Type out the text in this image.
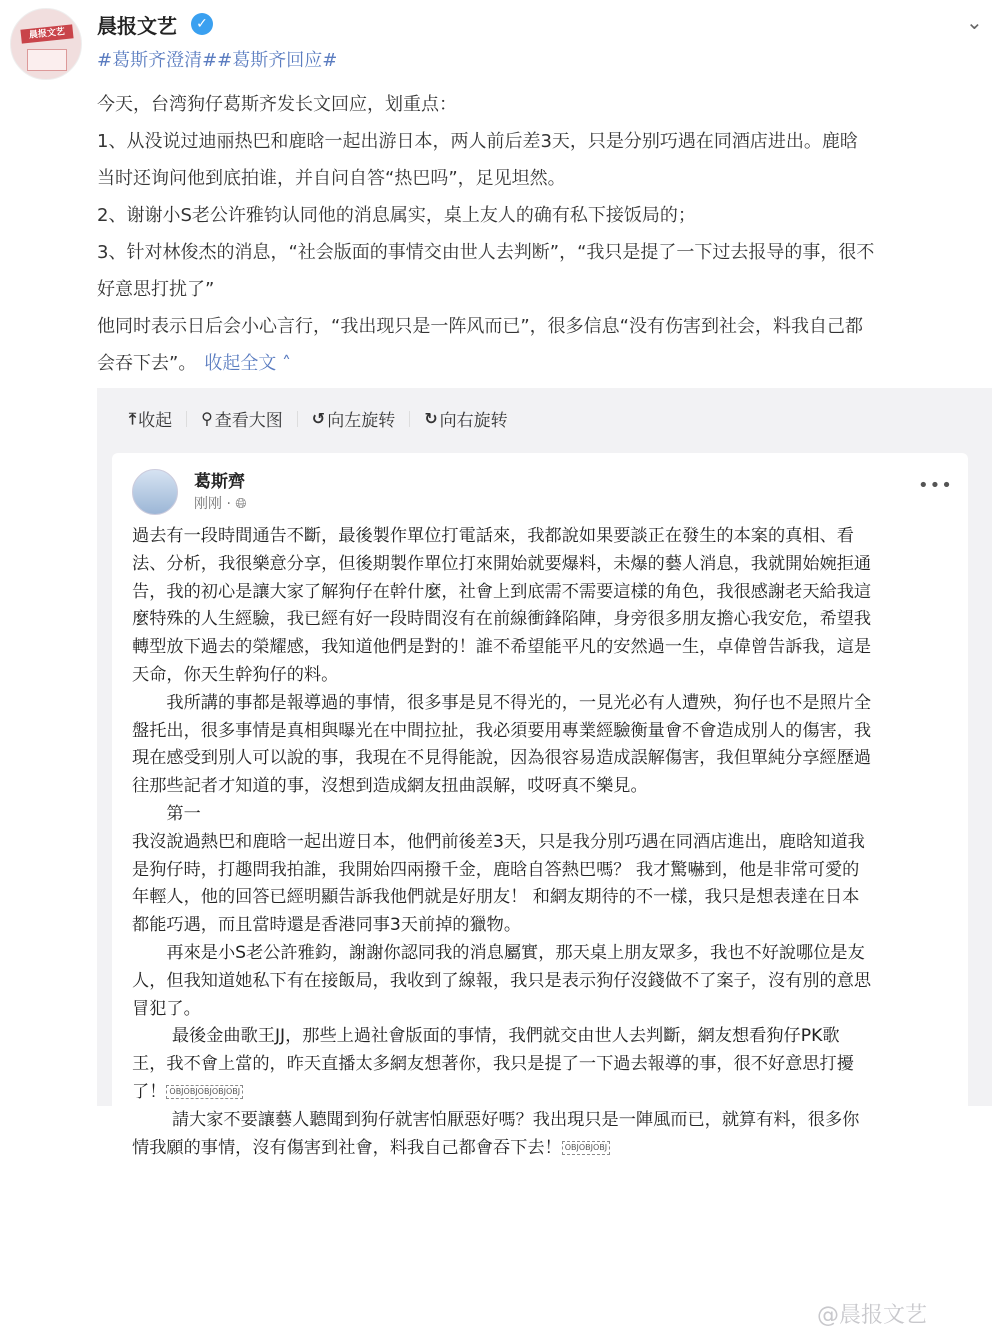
晨报文艺	晨报文艺	✓	⌄
#葛斯齐澄清##葛斯齐回应#
今天，台湾狗仔葛斯齐发长文回应，划重点：
1、从没说过迪丽热巴和鹿晗一起出游日本，两人前后差3天，只是分别巧遇在同酒店进出。鹿晗
当时还询问他到底拍谁，并自问自答“热巴吗”，足见坦然。
2、谢谢小S老公许雅钧认同他的消息属实，桌上友人的确有私下接饭局的；
3、针对林俊杰的消息，“社会版面的事情交由世人去判断”，“我只是提了一下过去报导的事，很不
好意思打扰了”
他同时表示日后会小心言行，“我出现只是一阵风而已”，很多信息“没有伤害到社会，料我自己都
会吞下去”。 收起全文 ˄
⤒ 收起 ⚲ 查看大图 ↺ 向左旋转 ↻ 向右旋转
葛斯齊
刚刚 · 🌐︎
•••
過去有一段時間通告不斷，最後製作單位打電話來，我都說如果要談正在發生的本案的真相、看
法、分析，我很樂意分享，但後期製作單位打來開始就要爆料，未爆的藝人消息，我就開始婉拒通
告，我的初心是讓大家了解狗仔在幹什麼，社會上到底需不需要這樣的角色，我很感謝老天給我這
麼特殊的人生經驗，我已經有好一段時間沒有在前線衝鋒陷陣，身旁很多朋友擔心我安危，希望我
轉型放下過去的榮耀感，我知道他們是對的！誰不希望能平凡的安然過一生，卓偉曾告訴我，這是
天命，你天生幹狗仔的料。
　　我所講的事都是報導過的事情，很多事是見不得光的，一見光必有人遭殃，狗仔也不是照片全
盤托出，很多事情是真相與曝光在中間拉扯，我必須要用專業經驗衡量會不會造成別人的傷害，我
現在感受到別人可以說的事，我現在不見得能說，因為很容易造成誤解傷害，我但單純分享經歷過
往那些記者才知道的事，沒想到造成網友扭曲誤解，哎呀真不樂見。
　　第一
我沒說過熱巴和鹿晗一起出遊日本，他們前後差3天，只是我分別巧遇在同酒店進出，鹿晗知道我
是狗仔時，打趣問我拍誰，我開始四兩撥千金，鹿晗自答熱巴嗎？ 我才驚嚇到，他是非常可愛的
年輕人，他的回答已經明顯告訴我他們就是好朋友！ 和網友期待的不一樣，我只是想表達在日本
都能巧遇，而且當時還是香港同事3天前掉的獵物。
　　再來是小S老公許雅鈞，謝謝你認同我的消息屬實，那天桌上朋友眾多，我也不好說哪位是友
人，但我知道她私下有在接飯局，我收到了線報，我只是表示狗仔沒錢做不了案子，沒有別的意思
冒犯了。
　　 最後金曲歌王JJ，那些上過社會版面的事情，我們就交由世人去判斷，網友想看狗仔PK歌
王，我不會上當的，昨天直播太多網友想著你，我只是提了一下過去報導的事，很不好意思打擾
了！ OBJOBJOBJOBJOBJ
　　 請大家不要讓藝人聽聞到狗仔就害怕厭惡好嗎？我出現只是一陣風而已，就算有料，很多你
情我願的事情，沒有傷害到社會，料我自己都會吞下去！ OBJOBJOBJ
@晨报文艺
